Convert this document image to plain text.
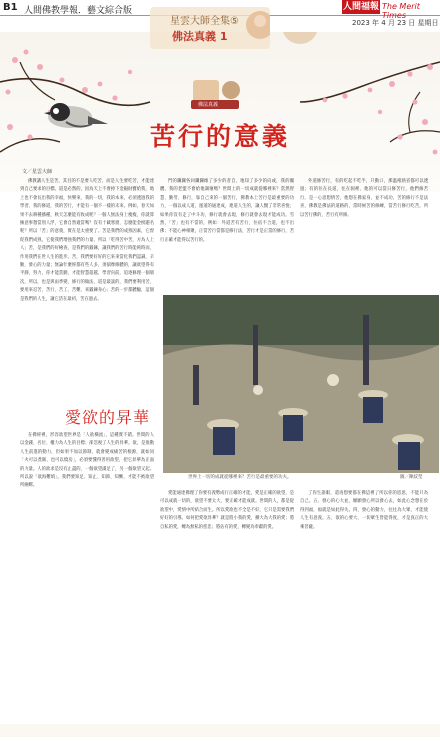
B1 人間佛教學報．藝文綜合版	人間福報 The Merit Times
2023 年 4 月 23 日 星期日
星雲大師全集⑤
佛法真義 1
佛法真義
苦行的意義
文／星雲大師

佛教講人生是苦，其目的不是要人吃苦，而是人生要吃苦，才能達到自己要求的目標。道是必然的，因為天上不會掉下金銀財寶給我，地上也不會長出我的幸福，快樂來，我的一切，我的本來，必須透過我的學習、我的修道，我的苦行，才能有一個不一樣的未來。例如，春天如果不去耕種播種，秋天怎麼能有收成呢？一個人無法身上瘦瘦，你就算擁意事想當別人浮，它會自然適當嗎？沒有十載寒窗，怎麼能金榜題名呢？所以「苦」的意義，實在是太重要了。苦是我們的成熟因素，它督促我們成熟，它使我們增強我們的力量，所以「吃得苦中苦，方為人上人」苦，是我們的好檢查，是我們的鍛鍊，讓我們的苦行時能夠時而，作用我們在世人生的進步。苦，我們要好好的它來來當化我們認識，辛勤，發心的力量；無論什麼經都有些人多，須揣摩修體的，讓欲望得有平靜，努力，你才能當勤，才能智慧超越，學習向前，追逐修理一個層次，所以，也是與雨季變，修行的做法，道是最談的，我們要利用苦，要用來忍苦、苦行、苦工、苦難，來鍛鍊身心；苦的一步都體驗，這個是我們的人生，讓它活在最初，苦在過去。

門的瀾瀾各回瀾瀾維了多少的者自，地知了多少的向或，我的團體，我的老盟不會給他調壞嗎？世間上的一切成就從哪裡來？當然智慧、勤勞、修行，靠自己來的一個苦行，佛教本上苦行是最重要的功力，一個以成人道，運道的通達成，連道人生的，讓人醫了非常喜悅；如果你沒有走了中斗功，修行就會去現，修行就會去現才能成功。雪然，「苦」也有不當的，例如：外道苦有苦行，住宿不合道，也不出佛；不能心神相聚，正當苦行當都是修行法，苦行才是正當的修行，苦行正確才能得以苦行的。

外道修苦行，有的吃起不吃半，只動口，那溫褚熱省都可以透過；有的住在長道，往在洞裡，他的可以當日修苦行，他們修苦行，是一心思想情苦，他想在佛家身，並不成功，苦的修行不是法喜，佛教是佛法的道路的，當時候苦的修練，當苦行修行吃苦，所以苦行佛的，苦行有所修。

愛欲的昇華
世界上一切的成就從哪裡來？苦行是最重要的功夫。	圖／陳紋瑩

在佛經裡，形容欲望世界是「人欲橫流」，這種實不錯。世間的人以金錢、名位、權力為人生的目標；卻忽視了人生的昇華。欲，是推動人生前進的動力，但如果不加以節制，就會變成痛苦的根源，就如同「火可以煮飯、也可以燒房」，必須要懂得善用欲望，把它昇華為正面的力量。人的欲求是沒有止盡的，一個欲望滿足了，另一個欲望又起。所以說「欲海難填」。我們要知足、知止、知節、知慚，才能不被欲望所綑綁。

愛能通達佛理了你要有義勢成行正確的才能，愛是正確的欲望，是可以成就一切的，欲望不要太大，要正確才能成就。世間的人，都是從欲望中，愛情中所結合而生。所以愛欲也不全是不好，它只是需要我們好好的引導。如何把愛欲昇華？就是將小我的愛，擴大為大我的愛；將自私的愛，轉為無私的慈悲；將佔有的愛，轉變為奉獻的愛。

了你生誰眼，還再想要都在佛這裡了所以你的恩思，不能只為自己。五、發心的心大並，願願發心所以發心去，如此心念想在於得到福，福就是如此得失。四，發心的動力，往往為大眾，才能使人生有意義。五、欲的心要大，一切眾生皆能得度，才是真正的大乘菩薩。
